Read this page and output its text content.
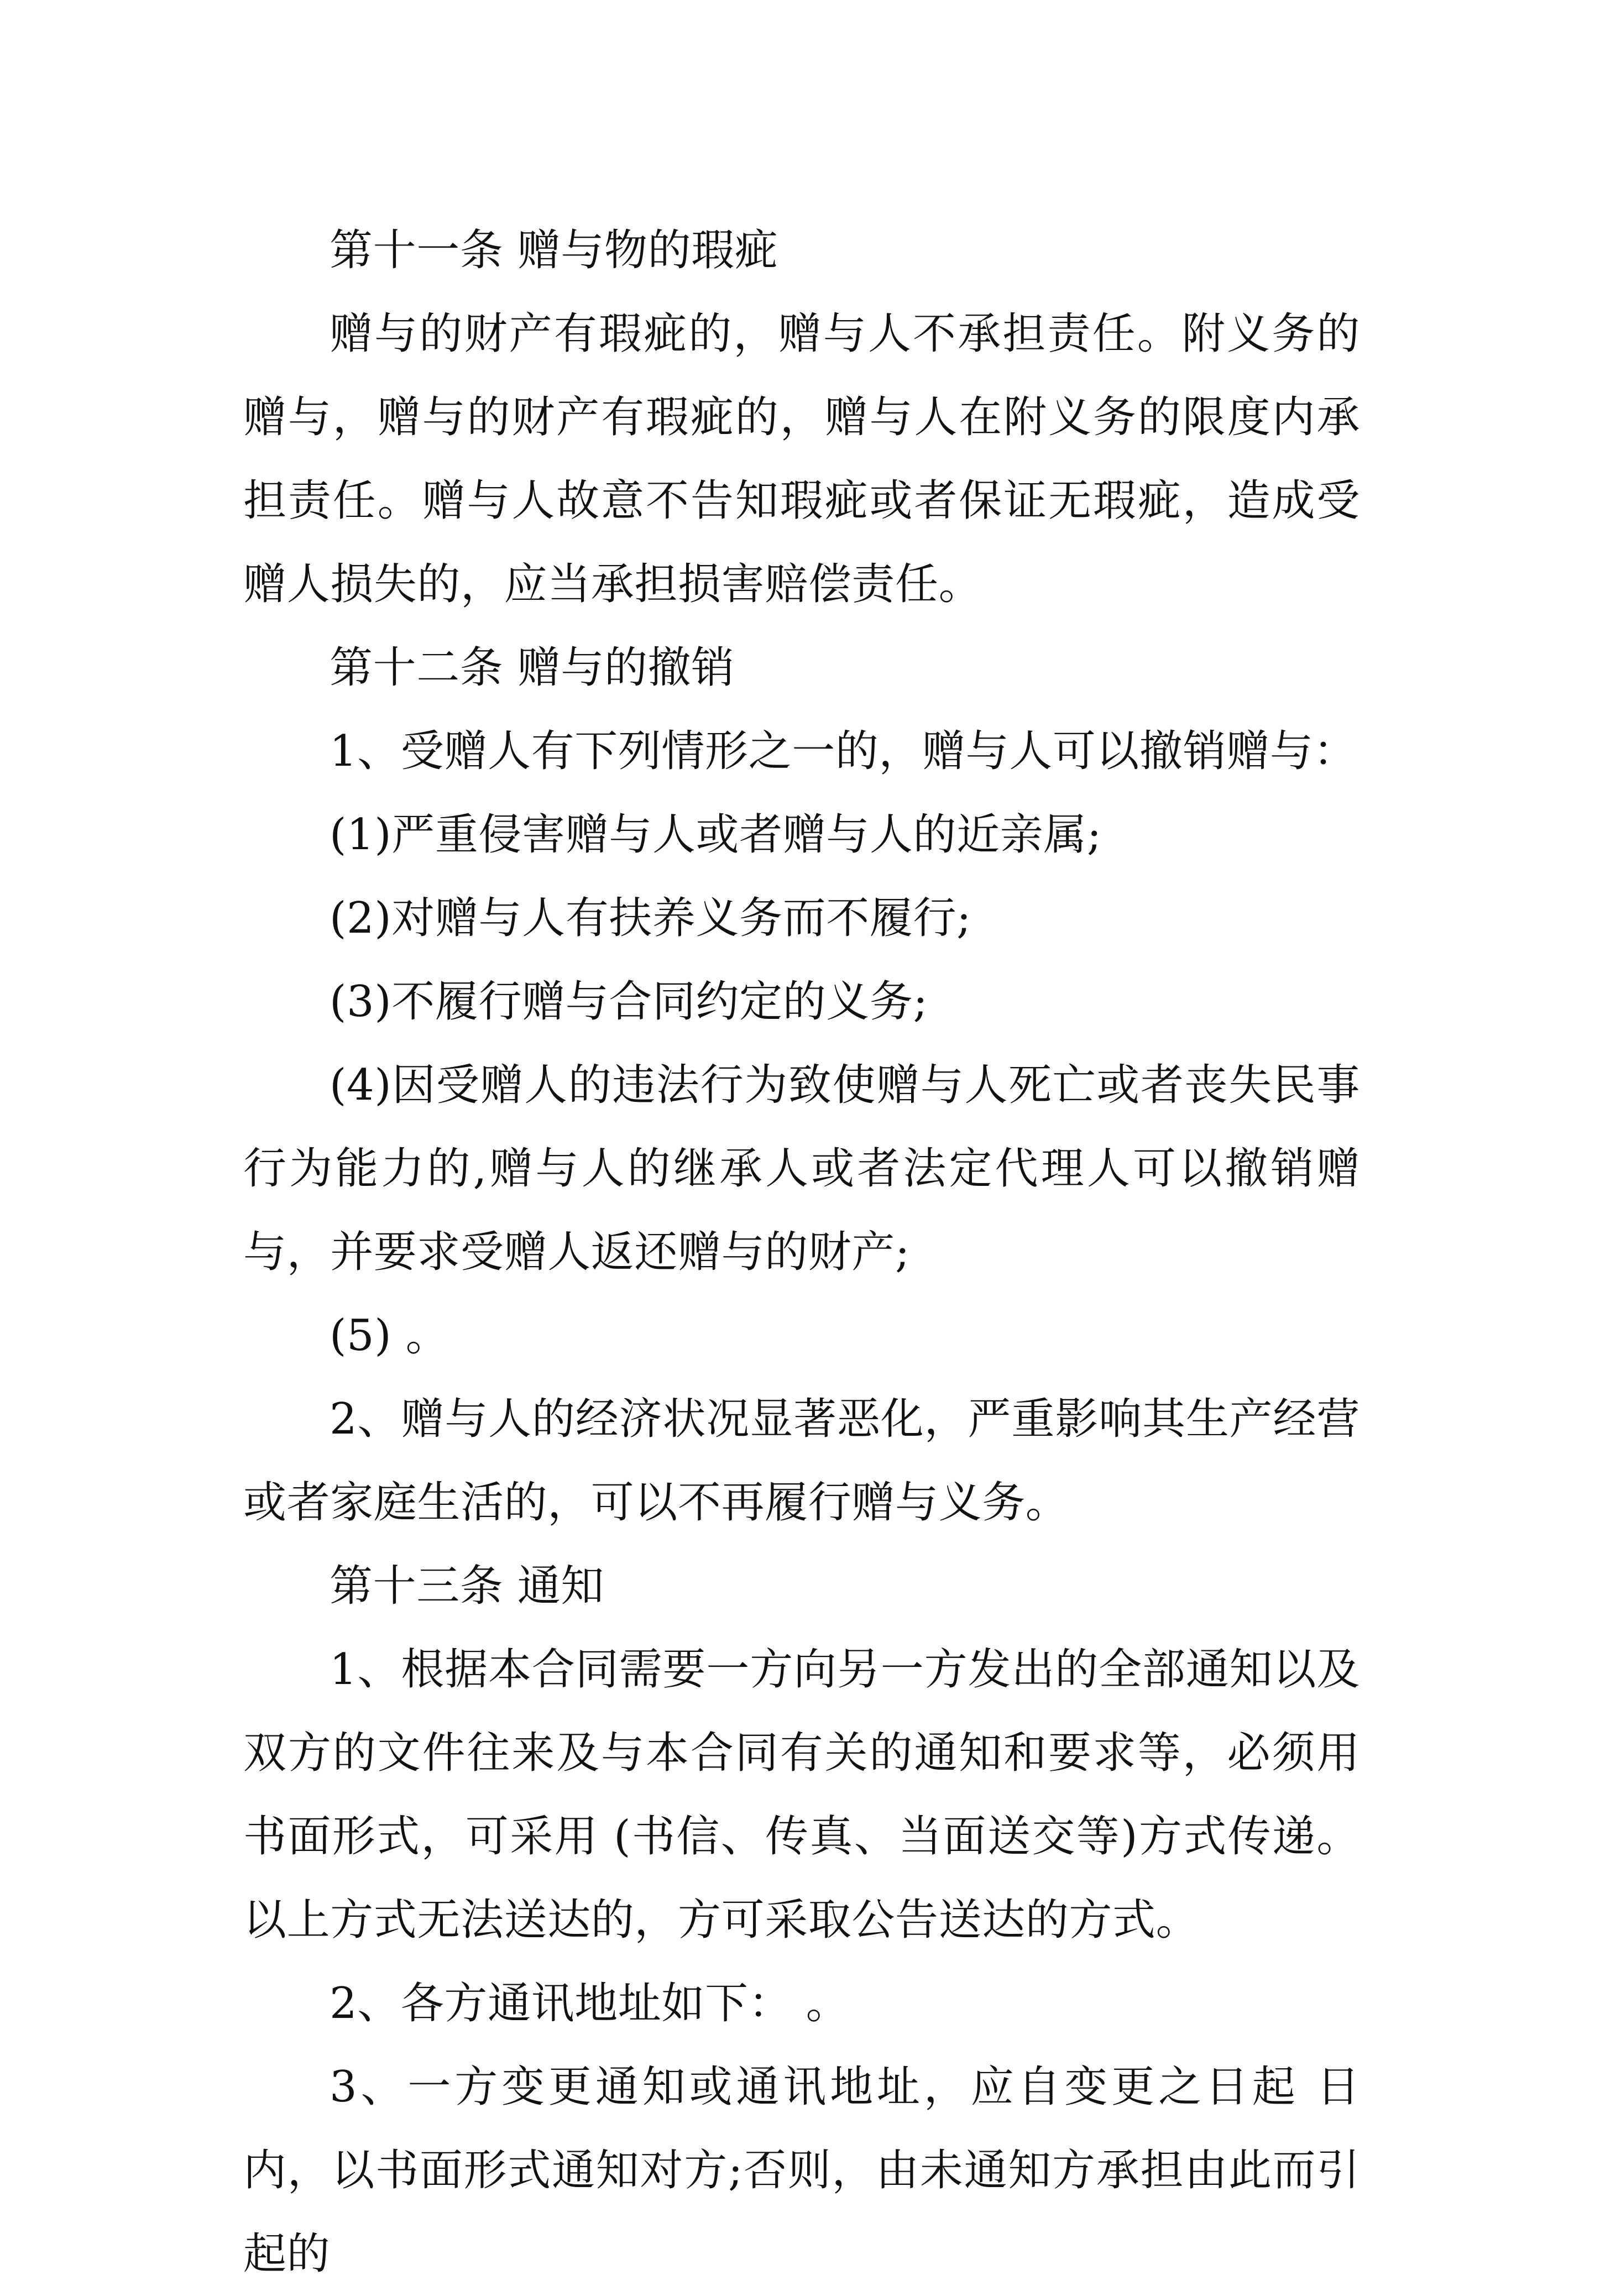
第十一条 赠与物的瑕疵

赠与的财产有瑕疵的，赠与人不承担责任。附义务的赠与，赠与的财产有瑕疵的，赠与人在附义务的限度内承担责任。赠与人故意不告知瑕疵或者保证无瑕疵，造成受赠人损失的，应当承担损害赔偿责任。

第十二条 赠与的撤销

1、受赠人有下列情形之一的，赠与人可以撤销赠与：

(1)严重侵害赠与人或者赠与人的近亲属;

(2)对赠与人有扶养义务而不履行;

(3)不履行赠与合同约定的义务;

(4)因受赠人的违法行为致使赠与人死亡或者丧失民事行为能力的,赠与人的继承人或者法定代理人可以撤销赠与，并要求受赠人返还赠与的财产;

(5) 。

2、赠与人的经济状况显著恶化，严重影响其生产经营或者家庭生活的，可以不再履行赠与义务。

第十三条 通知

1、根据本合同需要一方向另一方发出的全部通知以及双方的文件往来及与本合同有关的通知和要求等，必须用书面形式，可采用 (书信、传真、当面送交等)方式传递。以上方式无法送达的，方可采取公告送达的方式。

2、各方通讯地址如下： 。

3、一方变更通知或通讯地址，应自变更之日起 日内，以书面形式通知对方;否则，由未通知方承担由此而引起的
